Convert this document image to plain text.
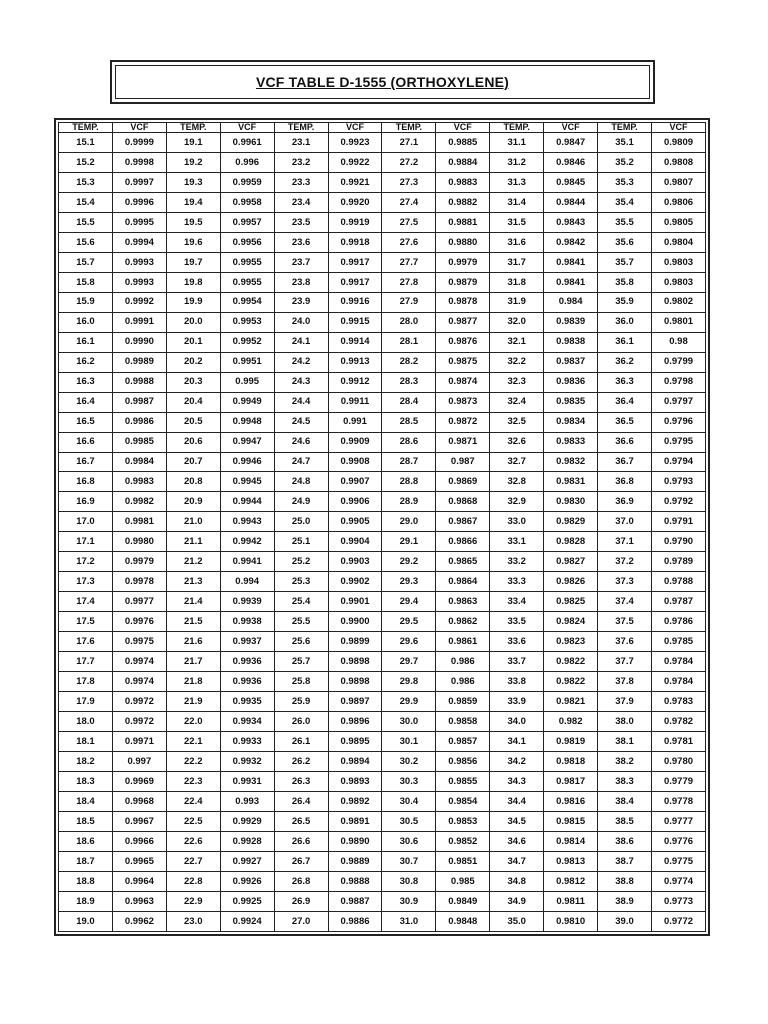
VCF TABLE D-1555 (ORTHOXYLENE)
TEMP.	VCF	TEMP.	VCF	TEMP.	VCF	TEMP.	VCF	TEMP.	VCF	TEMP.	VCF
15.1	0.9999	19.1	0.9961	23.1	0.9923	27.1	0.9885	31.1	0.9847	35.1	0.9809
15.2	0.9998	19.2	0.996	23.2	0.9922	27.2	0.9884	31.2	0.9846	35.2	0.9808
15.3	0.9997	19.3	0.9959	23.3	0.9921	27.3	0.9883	31.3	0.9845	35.3	0.9807
15.4	0.9996	19.4	0.9958	23.4	0.9920	27.4	0.9882	31.4	0.9844	35.4	0.9806
15.5	0.9995	19.5	0.9957	23.5	0.9919	27.5	0.9881	31.5	0.9843	35.5	0.9805
15.6	0.9994	19.6	0.9956	23.6	0.9918	27.6	0.9880	31.6	0.9842	35.6	0.9804
15.7	0.9993	19.7	0.9955	23.7	0.9917	27.7	0.9979	31.7	0.9841	35.7	0.9803
15.8	0.9993	19.8	0.9955	23.8	0.9917	27.8	0.9879	31.8	0.9841	35.8	0.9803
15.9	0.9992	19.9	0.9954	23.9	0.9916	27.9	0.9878	31.9	0.984	35.9	0.9802
16.0	0.9991	20.0	0.9953	24.0	0.9915	28.0	0.9877	32.0	0.9839	36.0	0.9801
16.1	0.9990	20.1	0.9952	24.1	0.9914	28.1	0.9876	32.1	0.9838	36.1	0.98
16.2	0.9989	20.2	0.9951	24.2	0.9913	28.2	0.9875	32.2	0.9837	36.2	0.9799
16.3	0.9988	20.3	0.995	24.3	0.9912	28.3	0.9874	32.3	0.9836	36.3	0.9798
16.4	0.9987	20.4	0.9949	24.4	0.9911	28.4	0.9873	32.4	0.9835	36.4	0.9797
16.5	0.9986	20.5	0.9948	24.5	0.991	28.5	0.9872	32.5	0.9834	36.5	0.9796
16.6	0.9985	20.6	0.9947	24.6	0.9909	28.6	0.9871	32.6	0.9833	36.6	0.9795
16.7	0.9984	20.7	0.9946	24.7	0.9908	28.7	0.987	32.7	0.9832	36.7	0.9794
16.8	0.9983	20.8	0.9945	24.8	0.9907	28.8	0.9869	32.8	0.9831	36.8	0.9793
16.9	0.9982	20.9	0.9944	24.9	0.9906	28.9	0.9868	32.9	0.9830	36.9	0.9792
17.0	0.9981	21.0	0.9943	25.0	0.9905	29.0	0.9867	33.0	0.9829	37.0	0.9791
17.1	0.9980	21.1	0.9942	25.1	0.9904	29.1	0.9866	33.1	0.9828	37.1	0.9790
17.2	0.9979	21.2	0.9941	25.2	0.9903	29.2	0.9865	33.2	0.9827	37.2	0.9789
17.3	0.9978	21.3	0.994	25.3	0.9902	29.3	0.9864	33.3	0.9826	37.3	0.9788
17.4	0.9977	21.4	0.9939	25.4	0.9901	29.4	0.9863	33.4	0.9825	37.4	0.9787
17.5	0.9976	21.5	0.9938	25.5	0.9900	29.5	0.9862	33.5	0.9824	37.5	0.9786
17.6	0.9975	21.6	0.9937	25.6	0.9899	29.6	0.9861	33.6	0.9823	37.6	0.9785
17.7	0.9974	21.7	0.9936	25.7	0.9898	29.7	0.986	33.7	0.9822	37.7	0.9784
17.8	0.9974	21.8	0.9936	25.8	0.9898	29.8	0.986	33.8	0.9822	37.8	0.9784
17.9	0.9972	21.9	0.9935	25.9	0.9897	29.9	0.9859	33.9	0.9821	37.9	0.9783
18.0	0.9972	22.0	0.9934	26.0	0.9896	30.0	0.9858	34.0	0.982	38.0	0.9782
18.1	0.9971	22.1	0.9933	26.1	0.9895	30.1	0.9857	34.1	0.9819	38.1	0.9781
18.2	0.997	22.2	0.9932	26.2	0.9894	30.2	0.9856	34.2	0.9818	38.2	0.9780
18.3	0.9969	22.3	0.9931	26.3	0.9893	30.3	0.9855	34.3	0.9817	38.3	0.9779
18.4	0.9968	22.4	0.993	26.4	0.9892	30.4	0.9854	34.4	0.9816	38.4	0.9778
18.5	0.9967	22.5	0.9929	26.5	0.9891	30.5	0.9853	34.5	0.9815	38.5	0.9777
18.6	0.9966	22.6	0.9928	26.6	0.9890	30.6	0.9852	34.6	0.9814	38.6	0.9776
18.7	0.9965	22.7	0.9927	26.7	0.9889	30.7	0.9851	34.7	0.9813	38.7	0.9775
18.8	0.9964	22.8	0.9926	26.8	0.9888	30.8	0.985	34.8	0.9812	38.8	0.9774
18.9	0.9963	22.9	0.9925	26.9	0.9887	30.9	0.9849	34.9	0.9811	38.9	0.9773
19.0	0.9962	23.0	0.9924	27.0	0.9886	31.0	0.9848	35.0	0.9810	39.0	0.9772
